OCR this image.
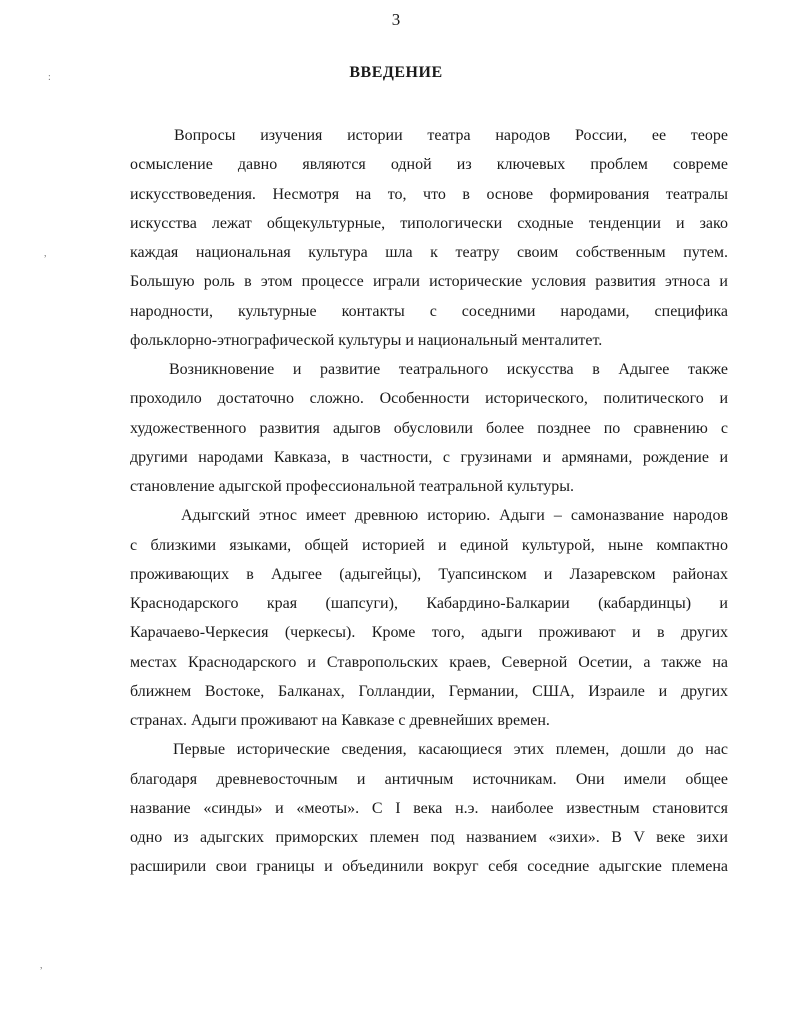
3
ВВЕДЕНИЕ
:
,
,
Вопросы изучения истории театра народов России, ее теоре
осмысление давно являются одной из ключевых проблем совреме
искусствоведения. Несмотря на то, что в основе формирования театралы
искусства лежат общекультурные, типологически сходные тенденции и зако
каждая национальная культура шла к театру своим собственным путем.
Большую роль в этом процессе играли исторические условия развития этноса и
народности, культурные контакты с соседними народами, специфика
фольклорно-этнографической культуры и национальный менталитет.
Возникновение и развитие театрального искусства в Адыгее также
проходило достаточно сложно. Особенности исторического, политического и
художественного развития адыгов обусловили более позднее по сравнению с
другими народами Кавказа, в частности, с грузинами и армянами, рождение и
становление адыгской профессиональной театральной культуры.
Адыгский этнос имеет древнюю историю. Адыги – самоназвание народов
с близкими языками, общей историей и единой культурой, ныне компактно
проживающих в Адыгее (адыгейцы), Туапсинском и Лазаревском районах
Краснодарского края (шапсуги), Кабардино-Балкарии (кабардинцы) и
Карачаево-Черкесия (черкесы). Кроме того, адыги проживают и в других
местах Краснодарского и Ставропольских краев, Северной Осетии, а также на
ближнем Востоке, Балканах, Голландии, Германии, США, Израиле и других
странах. Адыги проживают на Кавказе с древнейших времен.
Первые исторические сведения, касающиеся этих племен, дошли до нас
благодаря древневосточным и античным источникам. Они имели общее
название «синды» и «меоты». С I века н.э. наиболее известным становится
одно из адыгских приморских племен под названием «зихи». В V веке зихи
расширили свои границы и объединили вокруг себя соседние адыгские племена
